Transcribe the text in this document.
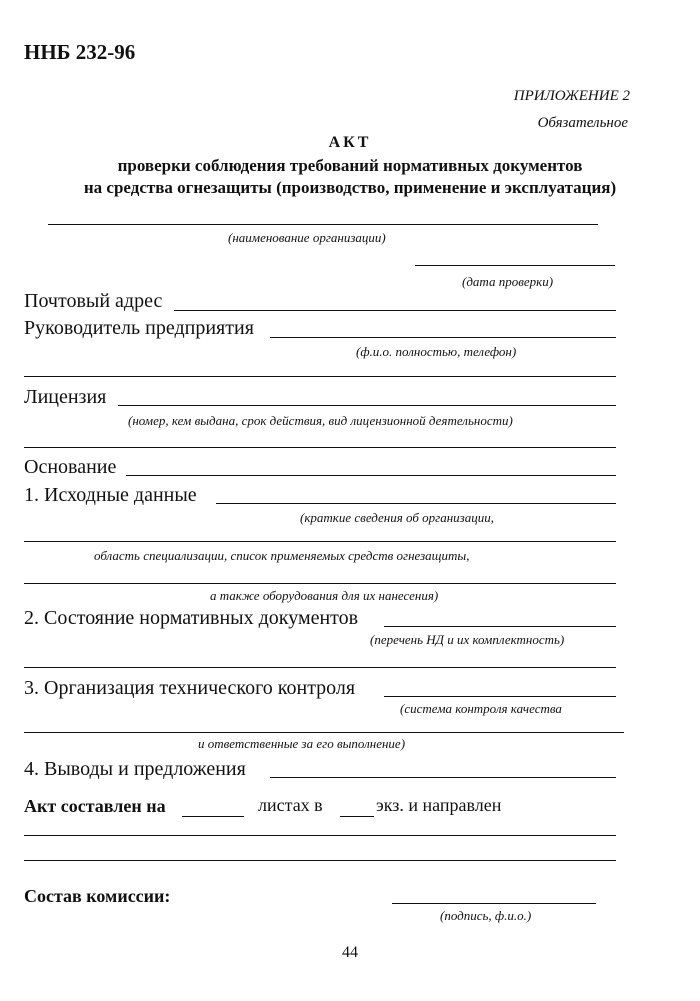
ННБ 232-96
ПРИЛОЖЕНИЕ 2
Обязательное
АКТ
проверки соблюдения требований нормативных документов
на средства огнезащиты (производство, применение и эксплуатация)
(наименование организации)
(дата проверки)
Почтовый адрес
Руководитель предприятия
(ф.и.о. полностью, телефон)
Лицензия
(номер, кем выдана, срок действия, вид лицензионной деятельности)
Основание
1. Исходные данные
(краткие сведения об организации,
область специализации, список применяемых средств огнезащиты,
а также оборудования для их нанесения)
2. Состояние нормативных документов
(перечень НД и их комплектность)
3. Организация технического контроля
(система контроля качества
и ответственные за его выполнение)
4. Выводы и предложения
Акт составлен на	листах в	экз. и направлен
Состав комиссии:
(подпись, ф.и.о.)
44
